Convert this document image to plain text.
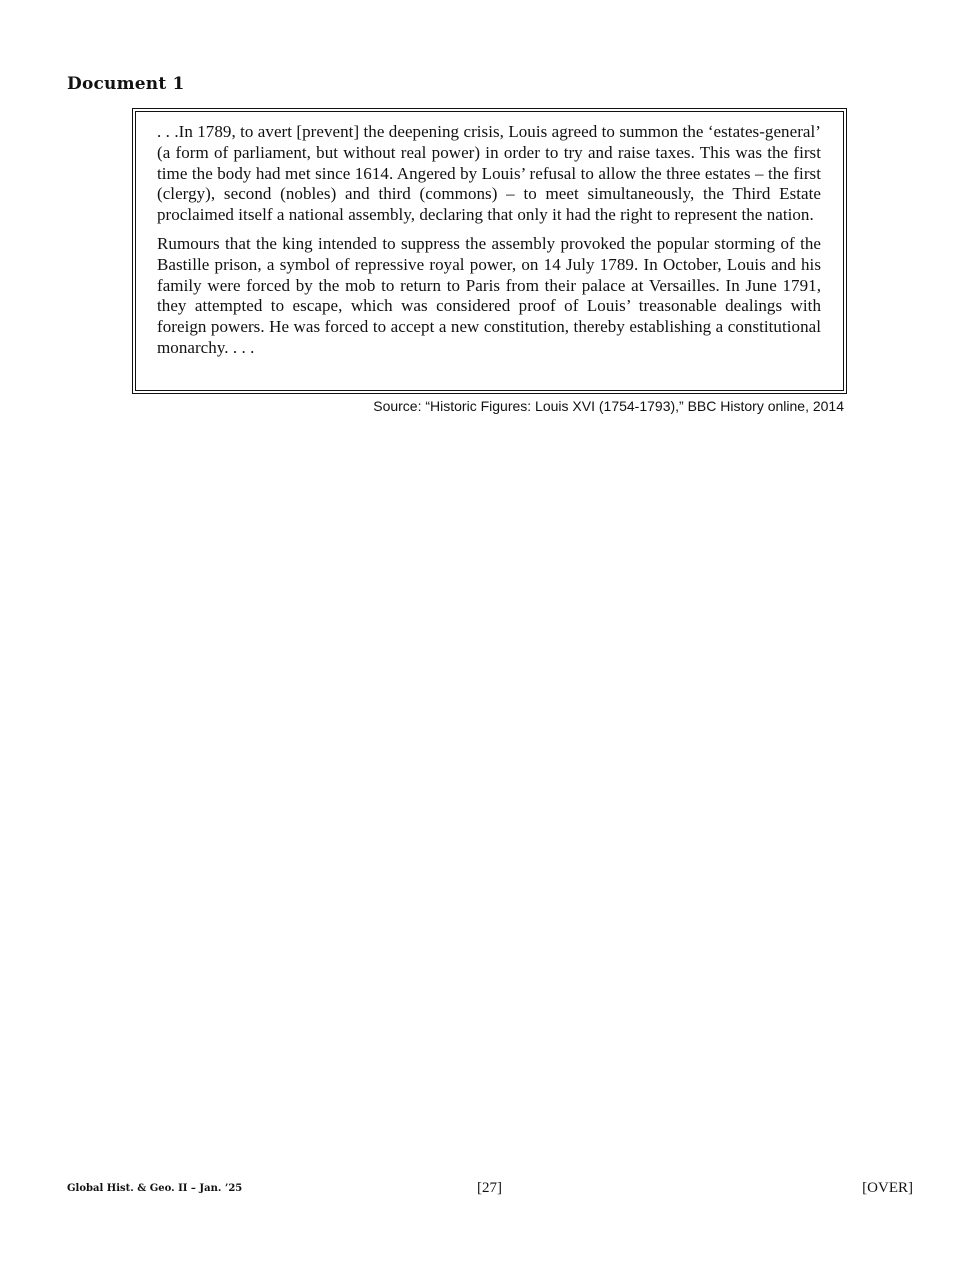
Document 1

. . .In 1789, to avert [prevent] the deepening crisis, Louis agreed to summon the ‘estates-general’ (a form of parliament, but without real power) in order to try and raise taxes. This was the first time the body had met since 1614. Angered by Louis’ refusal to allow the three estates – the first (clergy), second (nobles) and third (commons) – to meet simultaneously, the Third Estate proclaimed itself a national assembly, declaring that only it had the right to represent the nation.

Rumours that the king intended to suppress the assembly provoked the popular storming of the Bastille prison, a symbol of repressive royal power, on 14 July 1789. In October, Louis and his family were forced by the mob to return to Paris from their palace at Versailles. In June 1791, they attempted to escape, which was considered proof of Louis’ treasonable dealings with foreign powers. He was forced to accept a new constitution, thereby establishing a constitutional monarchy. . . .

Source: “Historic Figures: Louis XVI (1754-1793),” BBC History online, 2014

Global Hist. & Geo. II – Jan. ’25	[27]	[OVER]
